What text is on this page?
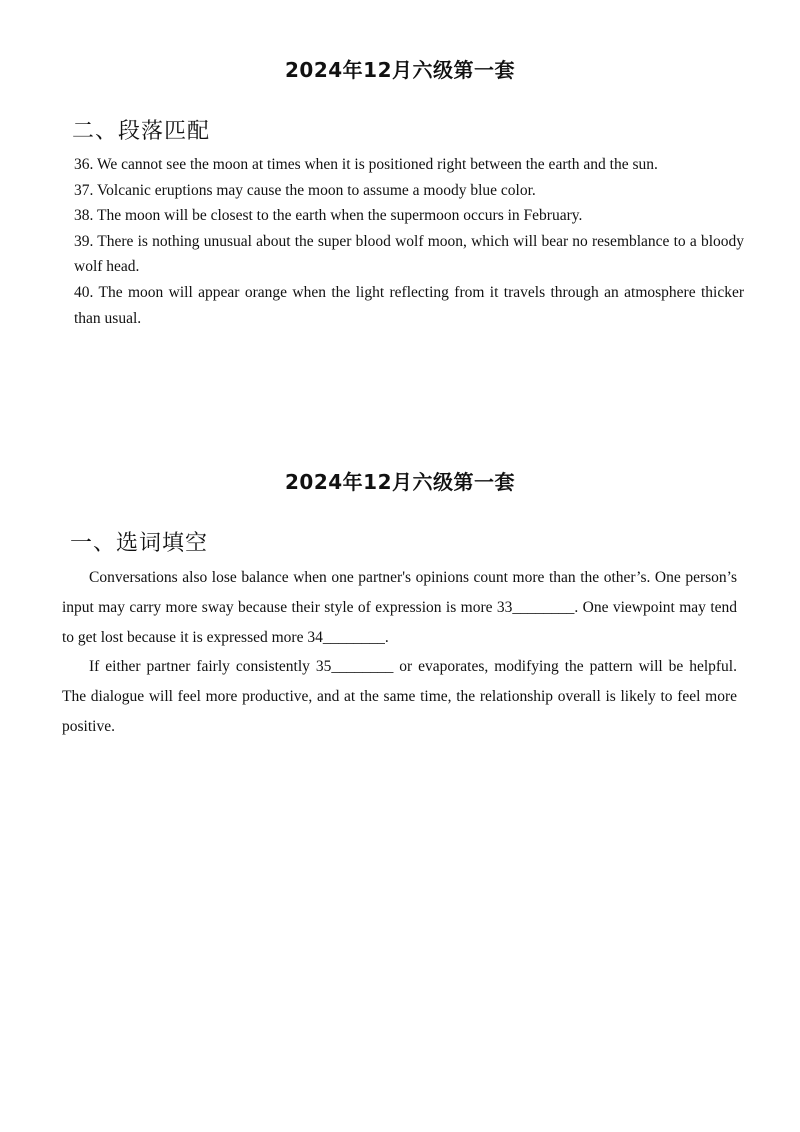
2024年12月六级第一套
二、段落匹配
36. We cannot see the moon at times when it is positioned right between the earth and the sun.
37. Volcanic eruptions may cause the moon to assume a moody blue color.
38. The moon will be closest to the earth when the supermoon occurs in February.
39. There is nothing unusual about the super blood wolf moon, which will bear no resemblance to a bloody wolf head.
40. The moon will appear orange when the light reflecting from it travels through an atmosphere thicker than usual.
2024年12月六级第一套
一、选词填空

Conversations also lose balance when one partner's opinions count more than the other’s. One person’s input may carry more sway because their style of expression is more 33________. One viewpoint may tend to get lost because it is expressed more 34________.

If either partner fairly consistently 35________ or evaporates, modifying the pattern will be helpful. The dialogue will feel more productive, and at the same time, the relationship overall is likely to feel more positive.
